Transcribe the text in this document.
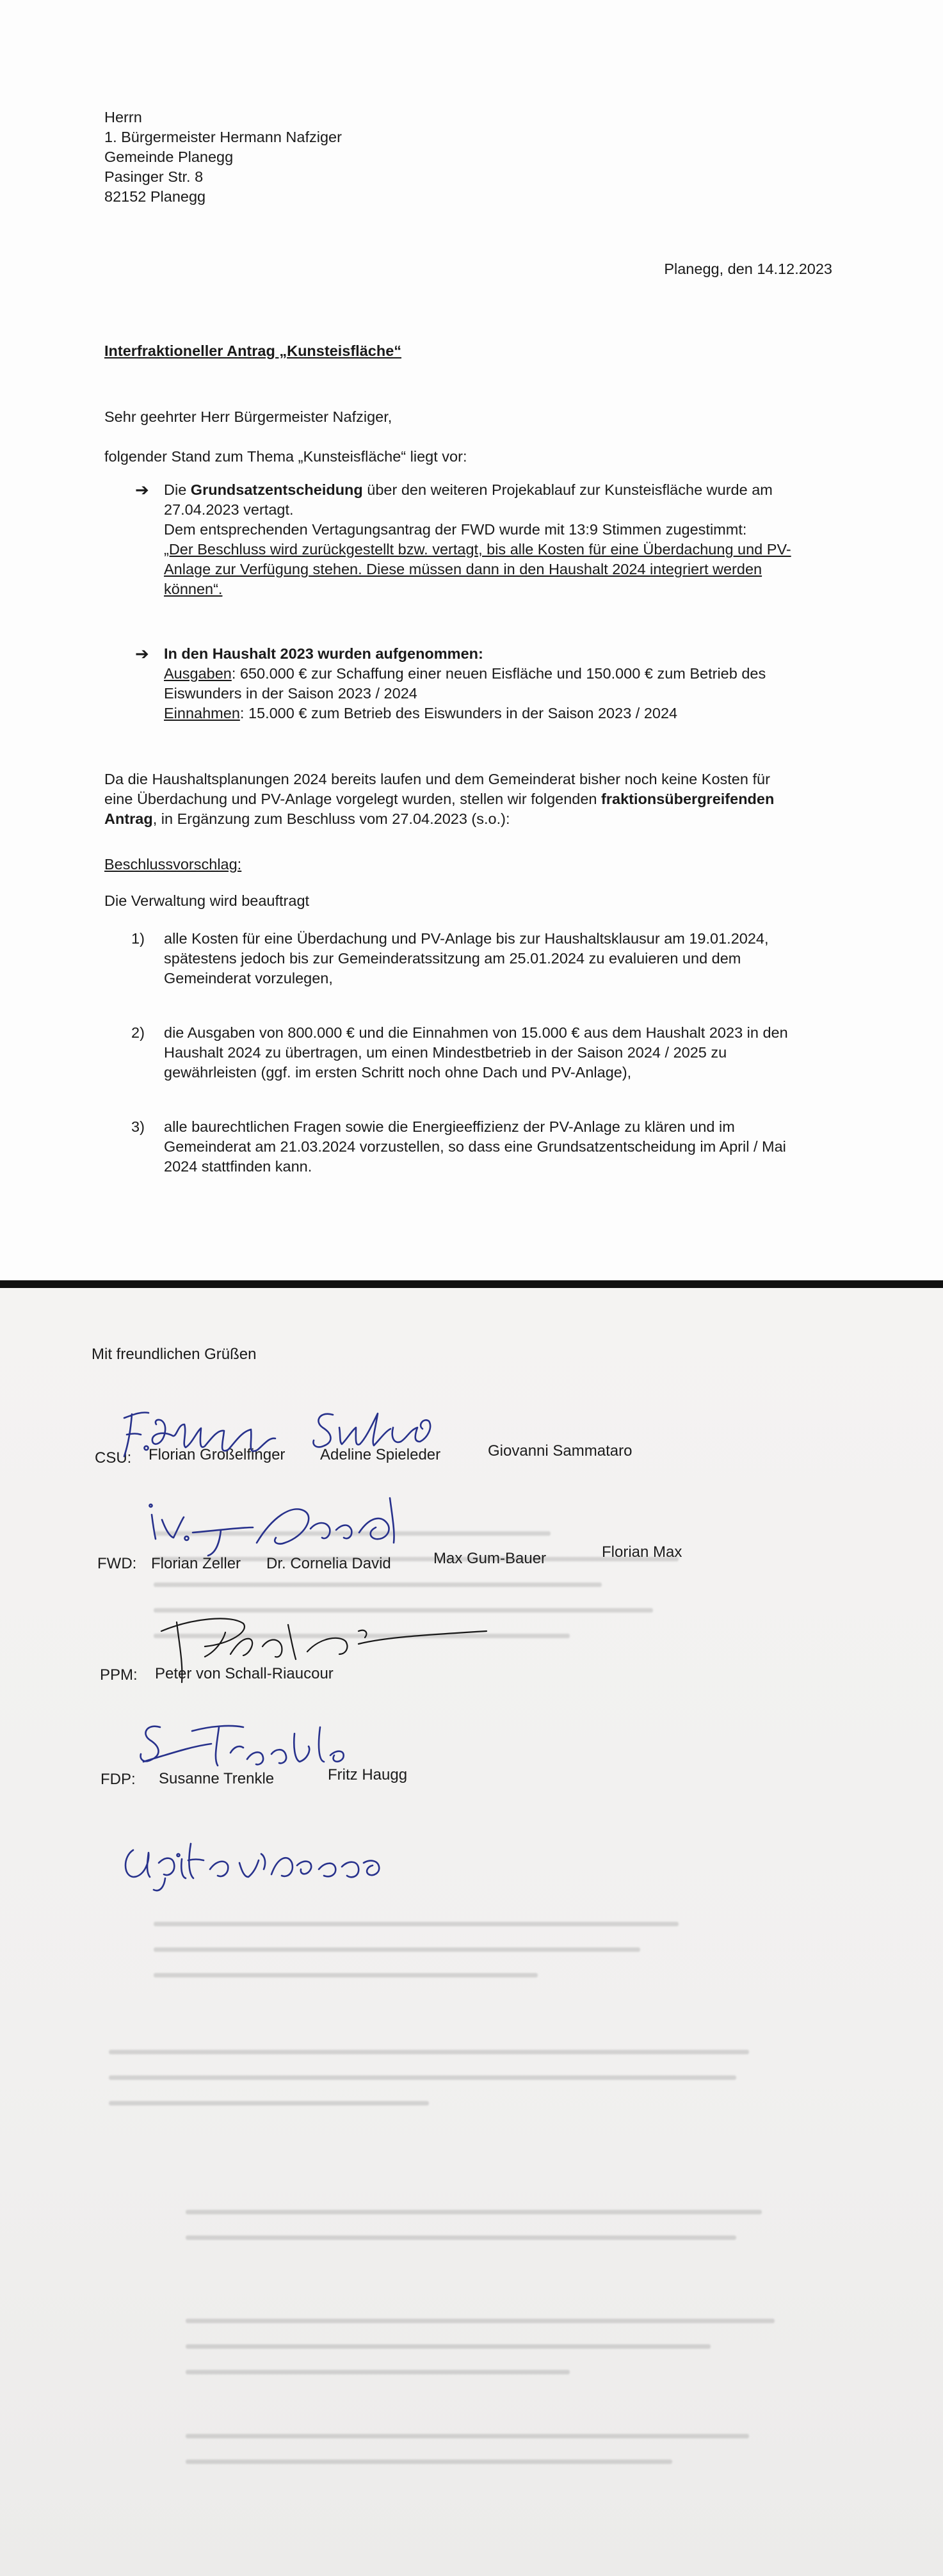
Herrn
1. Bürgermeister Hermann Nafziger
Gemeinde Planegg
Pasinger Str. 8
82152 Planegg
Planegg, den 14.12.2023
Interfraktioneller Antrag „Kunsteisfläche“
Sehr geehrter Herr Bürgermeister Nafziger,
folgender Stand zum Thema „Kunsteisfläche“ liegt vor:
➔ Die Grundsatzentscheidung über den weiteren Projekablauf zur Kunsteisfläche wurde am
27.04.2023 vertagt.
Dem entsprechenden Vertagungsantrag der FWD wurde mit 13:9 Stimmen zugestimmt:
„Der Beschluss wird zurückgestellt bzw. vertagt, bis alle Kosten für eine Überdachung und PV-
Anlage zur Verfügung stehen. Diese müssen dann in den Haushalt 2024 integriert werden
können“.
➔ In den Haushalt 2023 wurden aufgenommen:
Ausgaben: 650.000 € zur Schaffung einer neuen Eisfläche und 150.000 € zum Betrieb des
Eiswunders in der Saison 2023 / 2024
Einnahmen: 15.000 € zum Betrieb des Eiswunders in der Saison 2023 / 2024
Da die Haushaltsplanungen 2024 bereits laufen und dem Gemeinderat bisher noch keine Kosten für
eine Überdachung und PV-Anlage vorgelegt wurden, stellen wir folgenden fraktionsübergreifenden
Antrag, in Ergänzung zum Beschluss vom 27.04.2023 (s.o.):
Beschlussvorschlag:
Die Verwaltung wird beauftragt
1) alle Kosten für eine Überdachung und PV-Anlage bis zur Haushaltsklausur am 19.01.2024,
spätestens jedoch bis zur Gemeinderatssitzung am 25.01.2024 zu evaluieren und dem
Gemeinderat vorzulegen,
2) die Ausgaben von 800.000 € und die Einnahmen von 15.000 € aus dem Haushalt 2023 in den
Haushalt 2024 zu übertragen, um einen Mindestbetrieb in der Saison 2024 / 2025 zu
gewährleisten (ggf. im ersten Schritt noch ohne Dach und PV-Anlage),
3) alle baurechtlichen Fragen sowie die Energieeffizienz der PV-Anlage zu klären und im
Gemeinderat am 21.03.2024 vorzustellen, so dass eine Grundsatzentscheidung im April / Mai
2024 stattfinden kann.
Mit freundlichen Grüßen
CSU: Florian Großelfinger Adeline Spieleder	Giovanni Sammataro
FWD: Florian Zeller Dr. Cornelia David	Max Gum-Bauer	Florian Max
PPM: Peter von Schall-Riaucour
FDP: Susanne Trenkle	Fritz Haugg
